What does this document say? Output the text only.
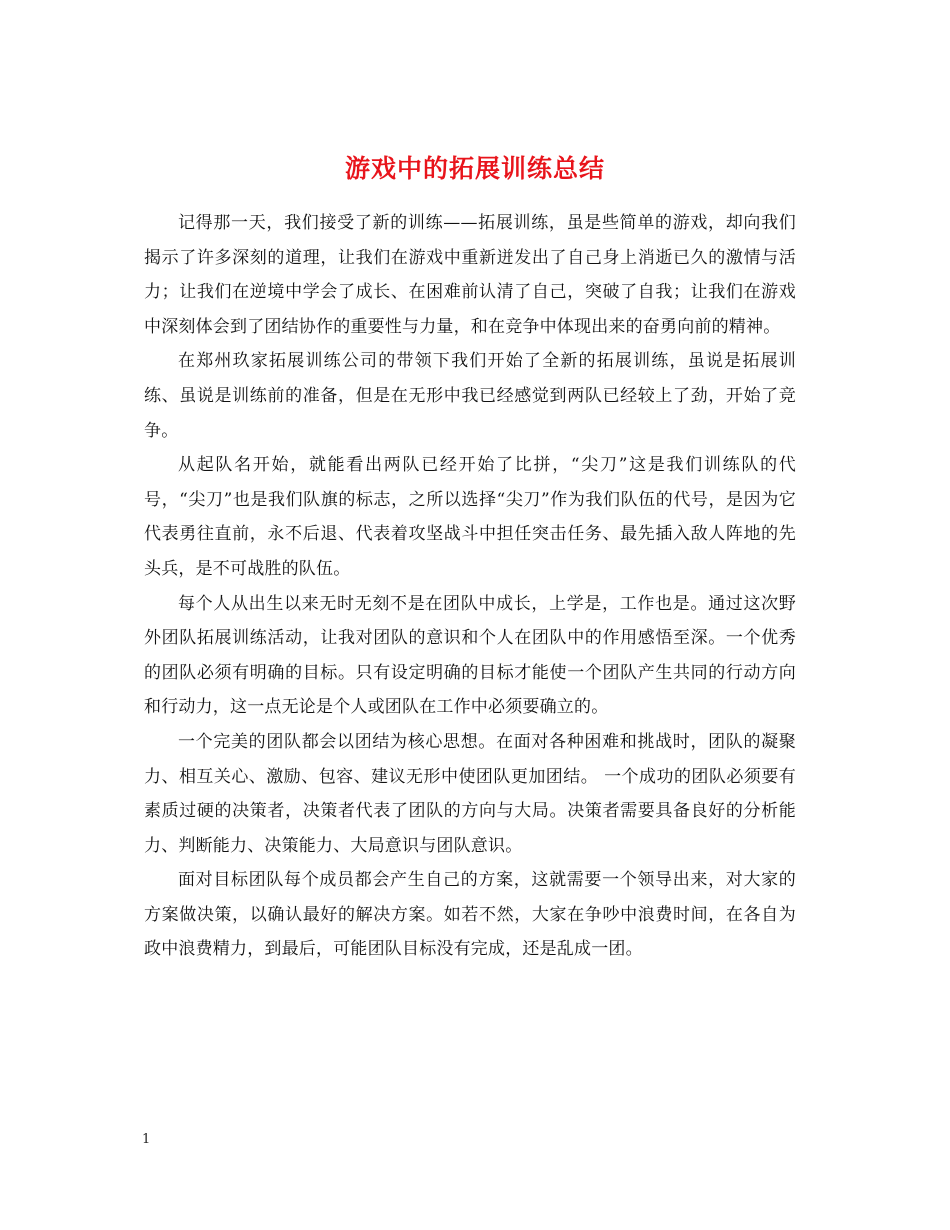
游戏中的拓展训练总结

记得那一天，我们接受了新的训练——拓展训练，虽是些简单的游戏，却向我们揭示了许多深刻的道理，让我们在游戏中重新迸发出了自己身上消逝已久的激情与活力；让我们在逆境中学会了成长、在困难前认清了自己，突破了自我；让我们在游戏中深刻体会到了团结协作的重要性与力量，和在竞争中体现出来的奋勇向前的精神。

在郑州玖家拓展训练公司的带领下我们开始了全新的拓展训练，虽说是拓展训练、虽说是训练前的准备，但是在无形中我已经感觉到两队已经较上了劲，开始了竞争。

从起队名开始，就能看出两队已经开始了比拼，“尖刀”这是我们训练队的代号，“尖刀”也是我们队旗的标志，之所以选择“尖刀”作为我们队伍的代号，是因为它代表勇往直前，永不后退、代表着攻坚战斗中担任突击任务、最先插入敌人阵地的先头兵，是不可战胜的队伍。

每个人从出生以来无时无刻不是在团队中成长，上学是，工作也是。通过这次野外团队拓展训练活动，让我对团队的意识和个人在团队中的作用感悟至深。一个优秀的团队必须有明确的目标。只有设定明确的目标才能使一个团队产生共同的行动方向和行动力，这一点无论是个人或团队在工作中必须要确立的。

一个完美的团队都会以团结为核心思想。在面对各种困难和挑战时，团队的凝聚力、相互关心、激励、包容、建议无形中使团队更加团结。 一个成功的团队必须要有素质过硬的决策者，决策者代表了团队的方向与大局。决策者需要具备良好的分析能力、判断能力、决策能力、大局意识与团队意识。

面对目标团队每个成员都会产生自己的方案，这就需要一个领导出来，对大家的方案做决策，以确认最好的解决方案。如若不然，大家在争吵中浪费时间，在各自为政中浪费精力，到最后，可能团队目标没有完成，还是乱成一团。

1
